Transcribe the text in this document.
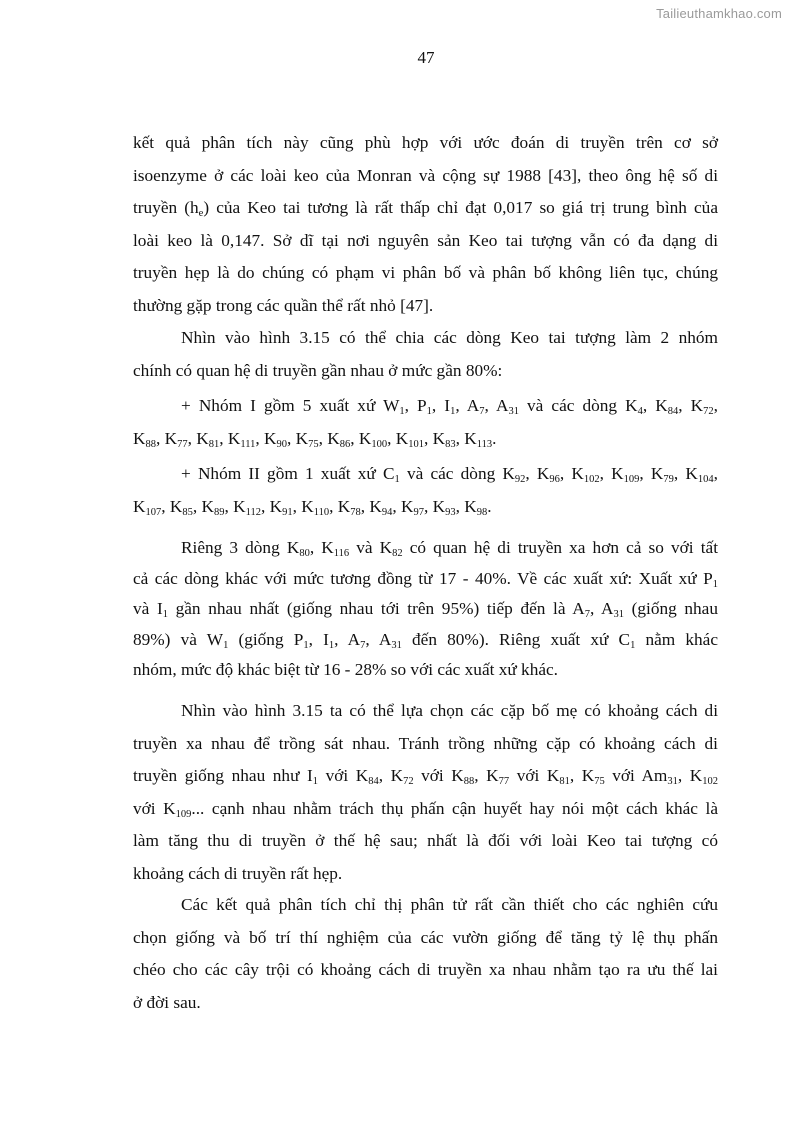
Tailieuthamkhao.com
47
kết quả phân tích này cũng phù hợp với ước đoán di truyền trên cơ sở
isoenzyme ở các loài keo của Monran và cộng sự 1988 [43], theo ông hệ số di
truyền $(h_e)$ của Keo tai tương là rất thấp chỉ đạt 0,017 so giá trị trung bình của
loài keo là 0,147. Sở dĩ tại nơi nguyên sản Keo tai tượng vẫn có đa dạng di
truyền hẹp là do chúng có phạm vi phân bố và phân bố không liên tục, chúng
thường gặp trong các quần thể rất nhỏ [47].
Nhìn vào hình 3.15 có thể chia các dòng Keo tai tượng làm 2 nhóm
chính có quan hệ di truyền gần nhau ở mức gần 80%:
+ Nhóm I gồm 5 xuất xứ $W_1$, $P_1$, $I_1$, $A_7$, $A_{31}$ và các dòng $K_4$, $K_{84}$, $K_{72}$,
$K_{88}$, $K_{77}$, $K_{81}$, $K_{111}$, $K_{90}$, $K_{75}$, $K_{86}$, $K_{100}$, $K_{101}$, $K_{83}$, $K_{113}$.
+ Nhóm II gồm 1 xuất xứ $C_1$ và các dòng $K_{92}$, $K_{96}$, $K_{102}$, $K_{109}$, $K_{79}$, $K_{104}$,
$K_{107}$, $K_{85}$, $K_{89}$, $K_{112}$, $K_{91}$, $K_{110}$, $K_{78}$, $K_{94}$, $K_{97}$, $K_{93}$, $K_{98}$.
Riêng 3 dòng $K_{80}$, $K_{116}$ và $K_{82}$ có quan hệ di truyền xa hơn cả so với tất
cả các dòng khác với mức tương đồng từ 17 - 40%. Về các xuất xứ: Xuất xứ $P_1$
và $I_1$ gần nhau nhất (giống nhau tới trên 95%) tiếp đến là $A_7$, $A_{31}$ (giống nhau
89%) và $W_1$ (giống $P_1$, $I_1$, $A_7$, $A_{31}$ đến 80%). Riêng xuất xứ $C_1$ nằm khác
nhóm, mức độ khác biệt từ 16 - 28% so với các xuất xứ khác.
Nhìn vào hình 3.15 ta có thể lựa chọn các cặp bố mẹ có khoảng cách di
truyền xa nhau để trồng sát nhau. Tránh trồng những cặp có khoảng cách di
truyền giống nhau như $I_1$ với $K_{84}$, $K_{72}$ với $K_{88}$, $K_{77}$ với $K_{81}$, $K_{75}$ với $Am_{31}$, $K_{102}$
với $K_{109}$... cạnh nhau nhằm trách thụ phấn cận huyết hay nói một cách khác là
làm tăng thu di truyền ở thế hệ sau; nhất là đối với loài Keo tai tượng có
khoảng cách di truyền rất hẹp.
Các kết quả phân tích chỉ thị phân tử rất cần thiết cho các nghiên cứu
chọn giống và bố trí thí nghiệm của các vườn giống để tăng tỷ lệ thụ phấn
chéo cho các cây trội có khoảng cách di truyền xa nhau nhằm tạo ra ưu thế lai
ở đời sau.
